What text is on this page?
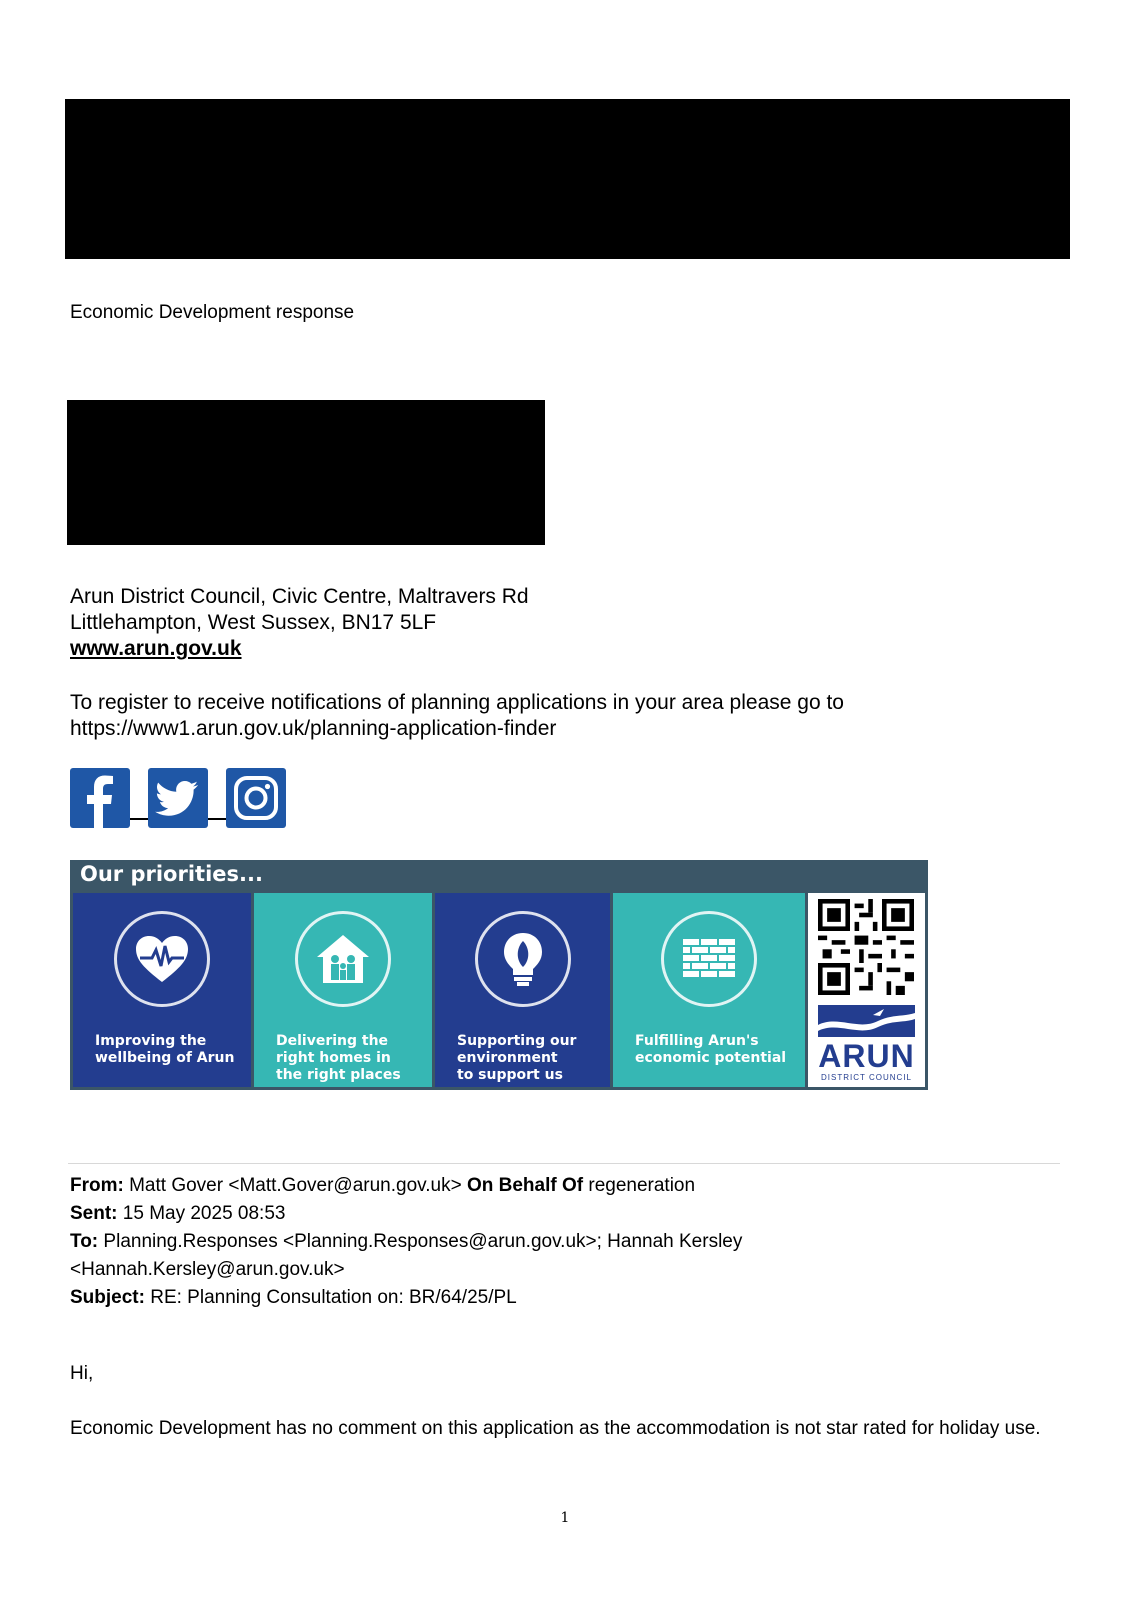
Economic Development response
Arun District Council, Civic Centre, Maltravers Rd
Littlehampton, West Sussex, BN17 5LF
www.arun.gov.uk
To register to receive notifications of planning applications in your area please go to
https://www1.arun.gov.uk/planning-application-finder
Our priorities...
Improving the
wellbeing of Arun
Delivering the
right homes in
the right places
Supporting our
environment
to support us
Fulfilling Arun's
economic potential ARUN
DISTRICT COUNCIL
From: Matt Gover <Matt.Gover@arun.gov.uk> On Behalf Of regeneration
Sent: 15 May 2025 08:53
To: Planning.Responses <Planning.Responses@arun.gov.uk>; Hannah Kersley
<Hannah.Kersley@arun.gov.uk>
Subject: RE: Planning Consultation on: BR/64/25/PL
Hi,
Economic Development has no comment on this application as the accommodation is not star rated for holiday use.
1
